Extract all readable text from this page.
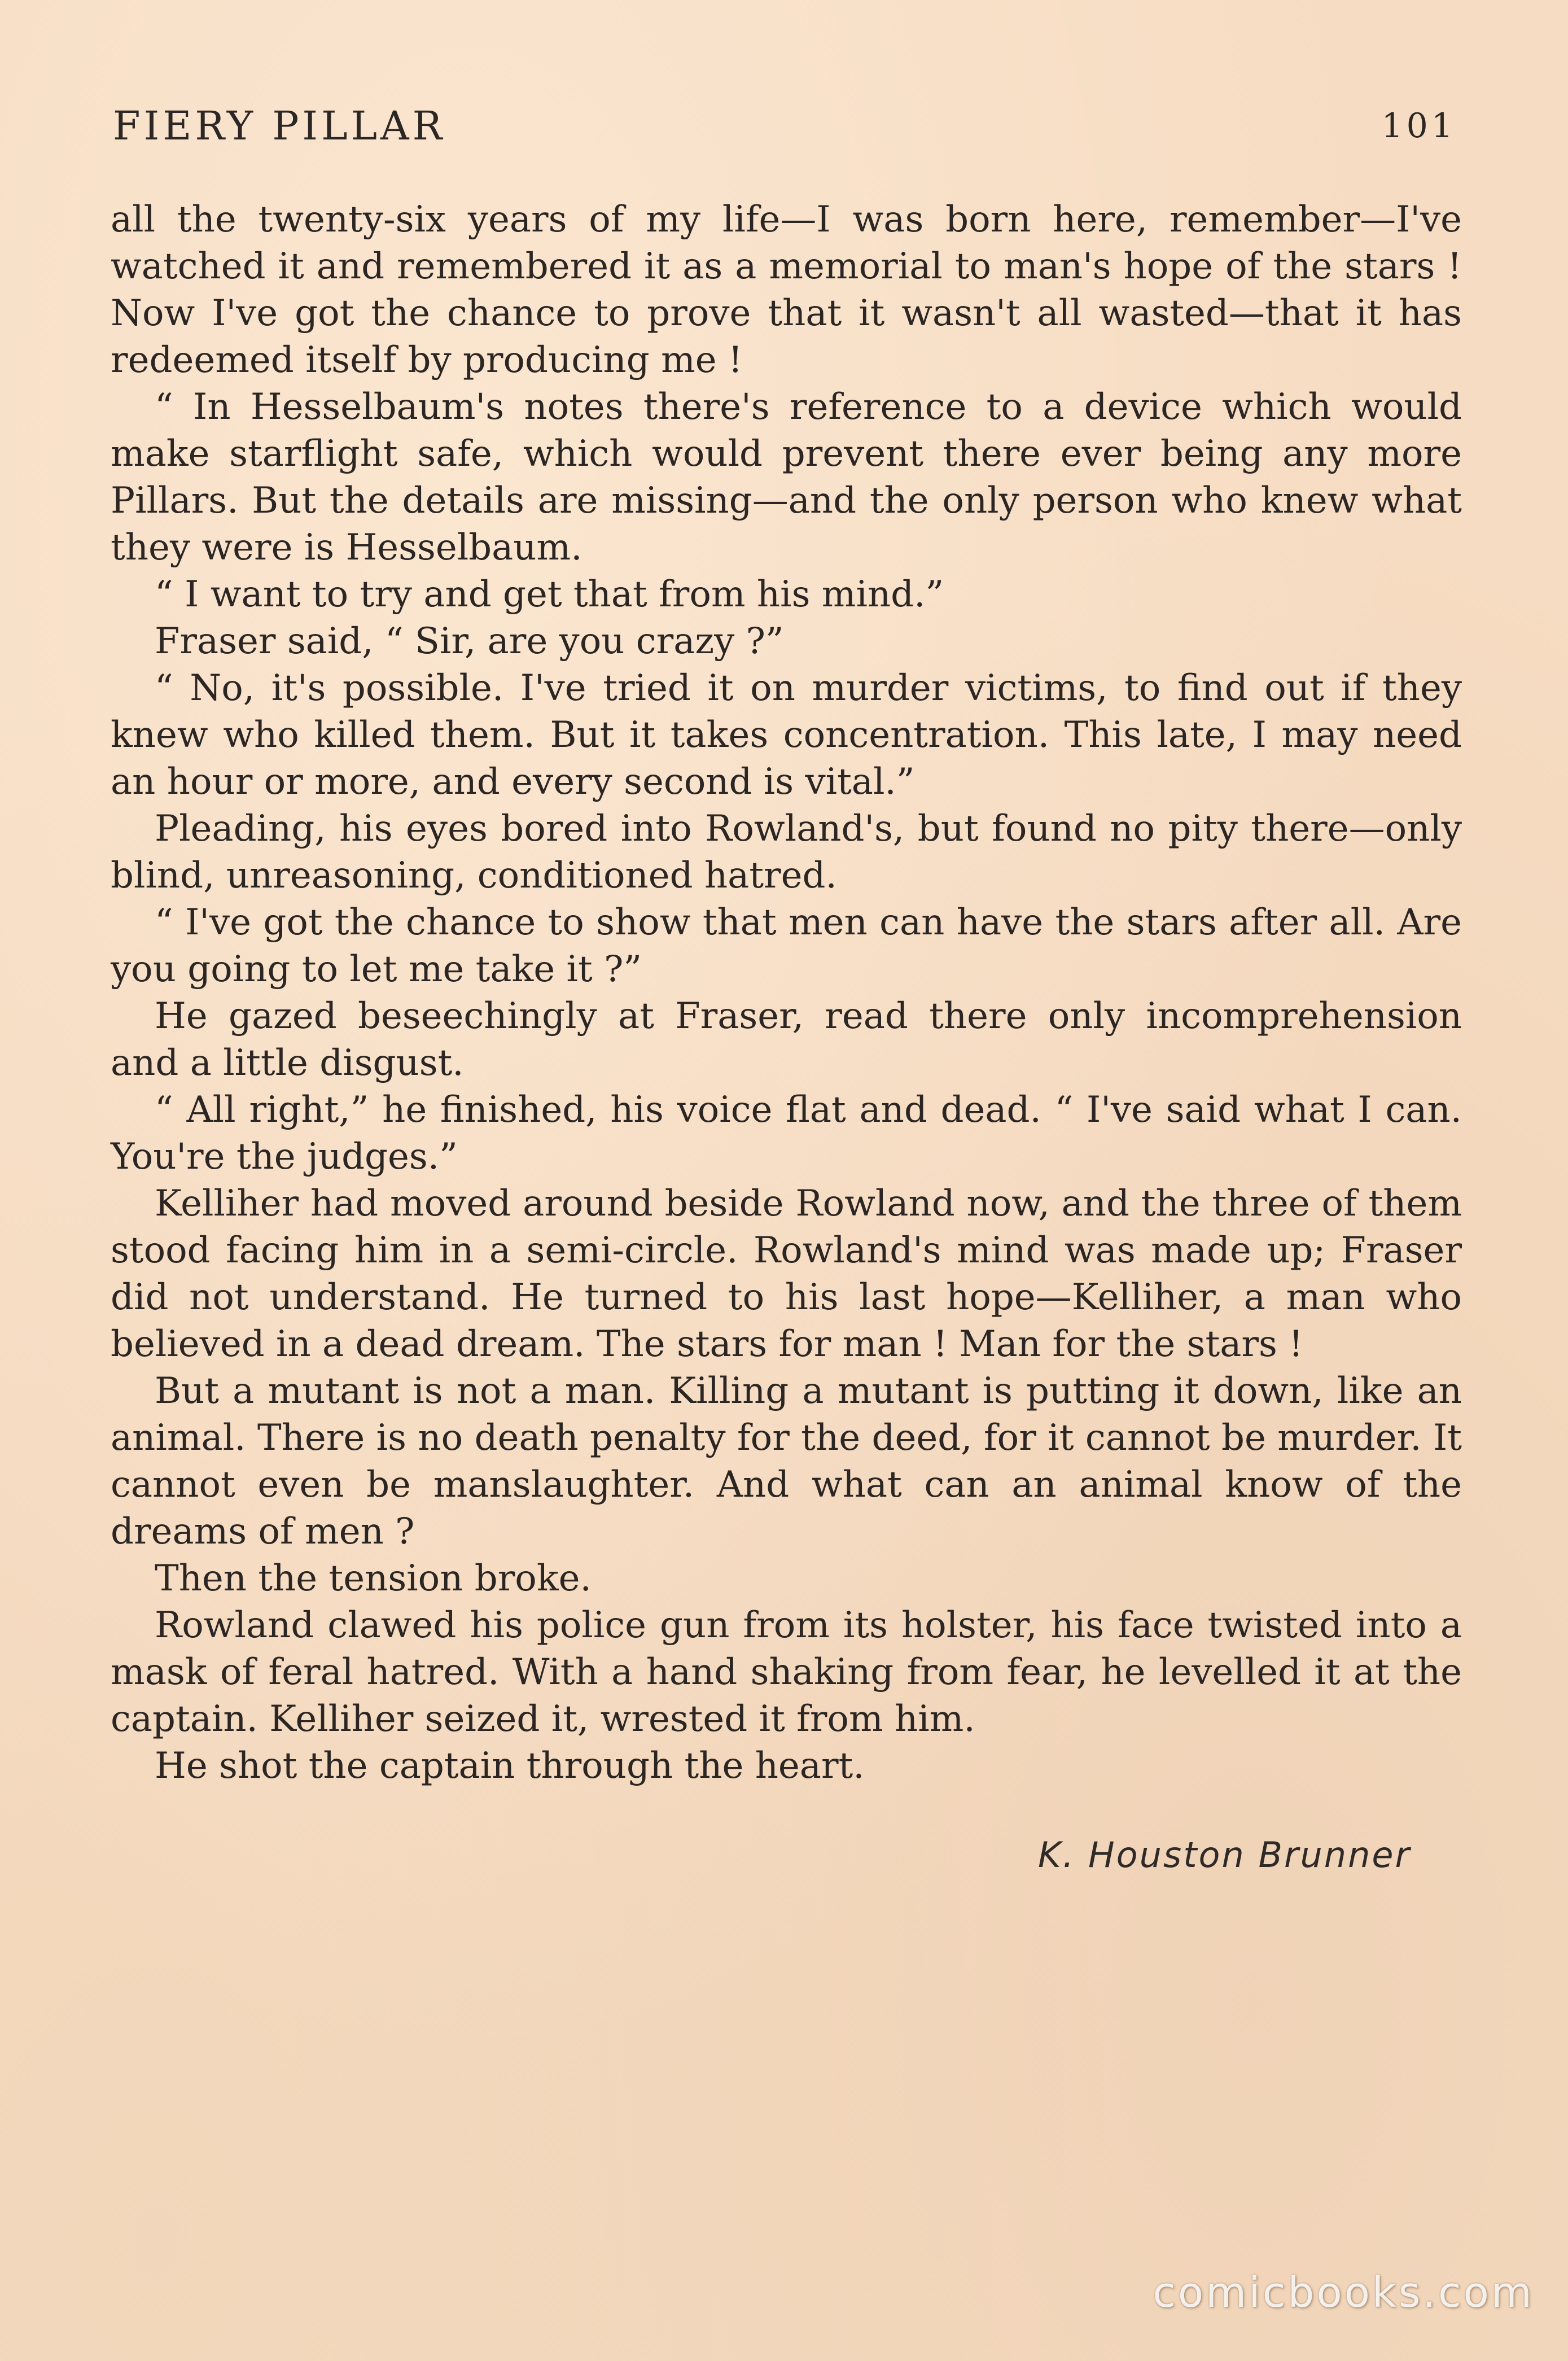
FIERY PILLAR	101

all the twenty-six years of my life—I was born here, remember—I've watched it and remembered it as a memorial to man's hope of the stars ! Now I've got the chance to prove that it wasn't all wasted—that it has redeemed itself by producing me !

“ In Hesselbaum's notes there's reference to a device which would make starflight safe, which would prevent there ever being any more Pillars. But the details are missing—and the only person who knew what they were is Hesselbaum.

“ I want to try and get that from his mind.”

Fraser said, “ Sir, are you crazy ?”

“ No, it's possible. I've tried it on murder victims, to find out if they knew who killed them. But it takes concentration. This late, I may need an hour or more, and every second is vital.”

Pleading, his eyes bored into Rowland's, but found no pity there—only blind, unreasoning, conditioned hatred.

“ I've got the chance to show that men can have the stars after all. Are you going to let me take it ?”

He gazed beseechingly at Fraser, read there only incomprehension and a little disgust.

“ All right,” he finished, his voice flat and dead. “ I've said what I can. You're the judges.”

Kelliher had moved around beside Rowland now, and the three of them stood facing him in a semi-circle. Rowland's mind was made up; Fraser did not understand. He turned to his last hope—Kelliher, a man who believed in a dead dream. The stars for man ! Man for the stars !

But a mutant is not a man. Killing a mutant is putting it down, like an animal. There is no death penalty for the deed, for it cannot be murder. It cannot even be manslaughter. And what can an animal know of the dreams of men ?

Then the tension broke.

Rowland clawed his police gun from its holster, his face twisted into a mask of feral hatred. With a hand shaking from fear, he levelled it at the captain. Kelliher seized it, wrested it from him.

He shot the captain through the heart.

K. Houston Brunner
comicbooks.com
